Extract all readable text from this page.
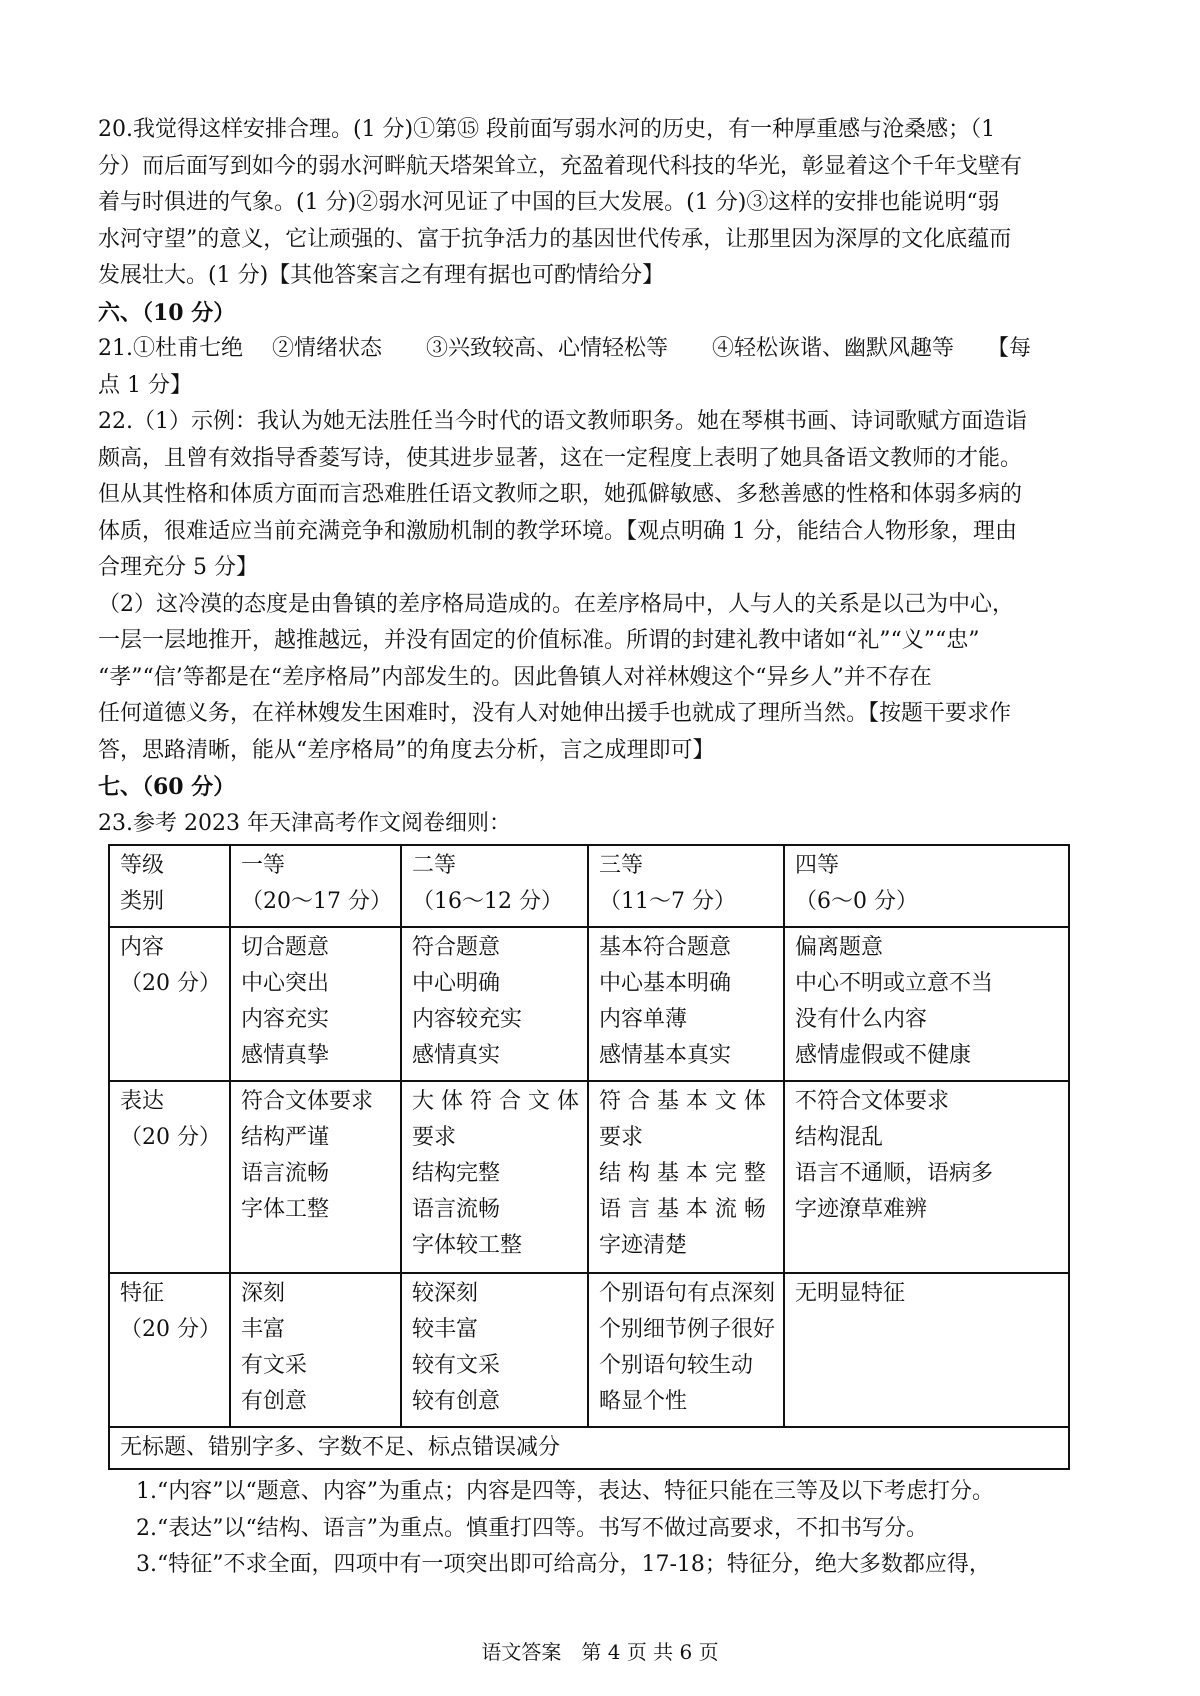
20.我觉得这样安排合理。(1 分)①第⑮ 段前面写弱水河的历史，有一种厚重感与沧桑感；（1

分）而后面写到如今的弱水河畔航天塔架耸立，充盈着现代科技的华光，彰显着这个千年戈壁有

着与时俱进的气象。(1 分)②弱水河见证了中国的巨大发展。(1 分)③这样的安排也能说明“弱

水河守望”的意义，它让顽强的、富于抗争活力的基因世代传承，让那里因为深厚的文化底蕴而

发展壮大。(1 分)【其他答案言之有理有据也可酌情给分】

六、（10 分）

21.①杜甫七绝　 ②情绪状态　　③兴致较高、心情轻松等　　④轻松诙谐、幽默风趣等　　【每

点 1 分】

22.（1）示例：我认为她无法胜任当今时代的语文教师职务。她在琴棋书画、诗词歌赋方面造诣

颇高，且曾有效指导香菱写诗，使其进步显著，这在一定程度上表明了她具备语文教师的才能。

但从其性格和体质方面而言恐难胜任语文教师之职，她孤僻敏感、多愁善感的性格和体弱多病的

体质，很难适应当前充满竞争和激励机制的教学环境。【观点明确 1 分，能结合人物形象，理由

合理充分 5 分】

（2）这冷漠的态度是由鲁镇的差序格局造成的。在差序格局中，人与人的关系是以己为中心，

一层一层地推开，越推越远，并没有固定的价值标准。所谓的封建礼教中诸如“礼”“义”“忠”

“孝”“信’等都是在“差序格局”内部发生的。因此鲁镇人对祥林嫂这个“异乡人”并不存在

任何道德义务，在祥林嫂发生困难时，没有人对她伸出援手也就成了理所当然。【按题干要求作

答，思路清晰，能从“差序格局”的角度去分析，言之成理即可】

七、（60 分）

23.参考 2023 年天津高考作文阅卷细则：

等级
类别	一等
（20～17 分）	二等
（16～12 分）	三等
（11～7 分）	四等
（6～0 分）

内容
（20 分）	切合题意
中心突出
内容充实
感情真挚	符合题意
中心明确
内容较充实
感情真实	基本符合题意
中心基本明确
内容单薄
感情基本真实	偏离题意
中心不明或立意不当
没有什么内容
感情虚假或不健康

表达
（20 分）	符合文体要求
结构严谨
语言流畅
字体工整	大 体 符 合 文 体
要求
结构完整
语言流畅
字体较工整	符 合 基 本 文 体
要求
结 构 基 本 完 整
语 言 基 本 流 畅
字迹清楚	不符合文体要求
结构混乱
语言不通顺，语病多
字迹潦草难辨

特征
（20 分）	深刻
丰富
有文采
有创意	较深刻
较丰富
较有文采
较有创意	个别语句有点深刻
个别细节例子很好
个别语句较生动
略显个性	无明显特征

无标题、错别字多、字数不足、标点错误减分				

1.“内容”以“题意、内容”为重点；内容是四等，表达、特征只能在三等及以下考虑打分。

2.“表达”以“结构、语言”为重点。慎重打四等。书写不做过高要求，不扣书写分。

3.“特征”不求全面，四项中有一项突出即可给高分，17-18；特征分，绝大多数都应得，

语文答案　第 4 页 共 6 页
